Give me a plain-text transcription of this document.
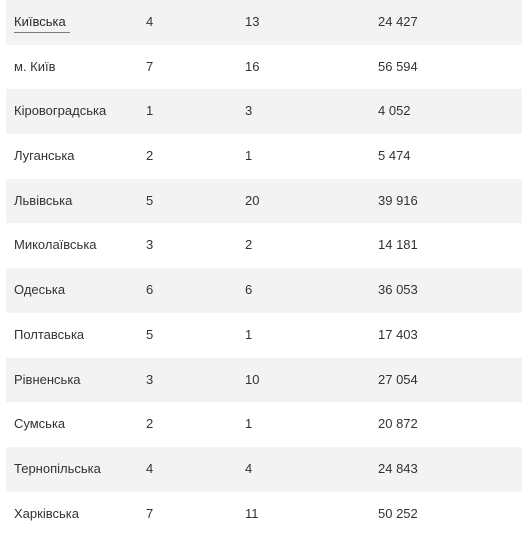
Київська	4	13	24 427
м. Київ	7	16	56 594
Кіровоградська	1	3	4 052
Луганська	2	1	5 474
Львівська	5	20	39 916
Миколаївська	3	2	14 181
Одеська	6	6	36 053
Полтавська	5	1	17 403
Рівненська	3	10	27 054
Сумська	2	1	20 872
Тернопільська	4	4	24 843
Харківська	7	11	50 252
